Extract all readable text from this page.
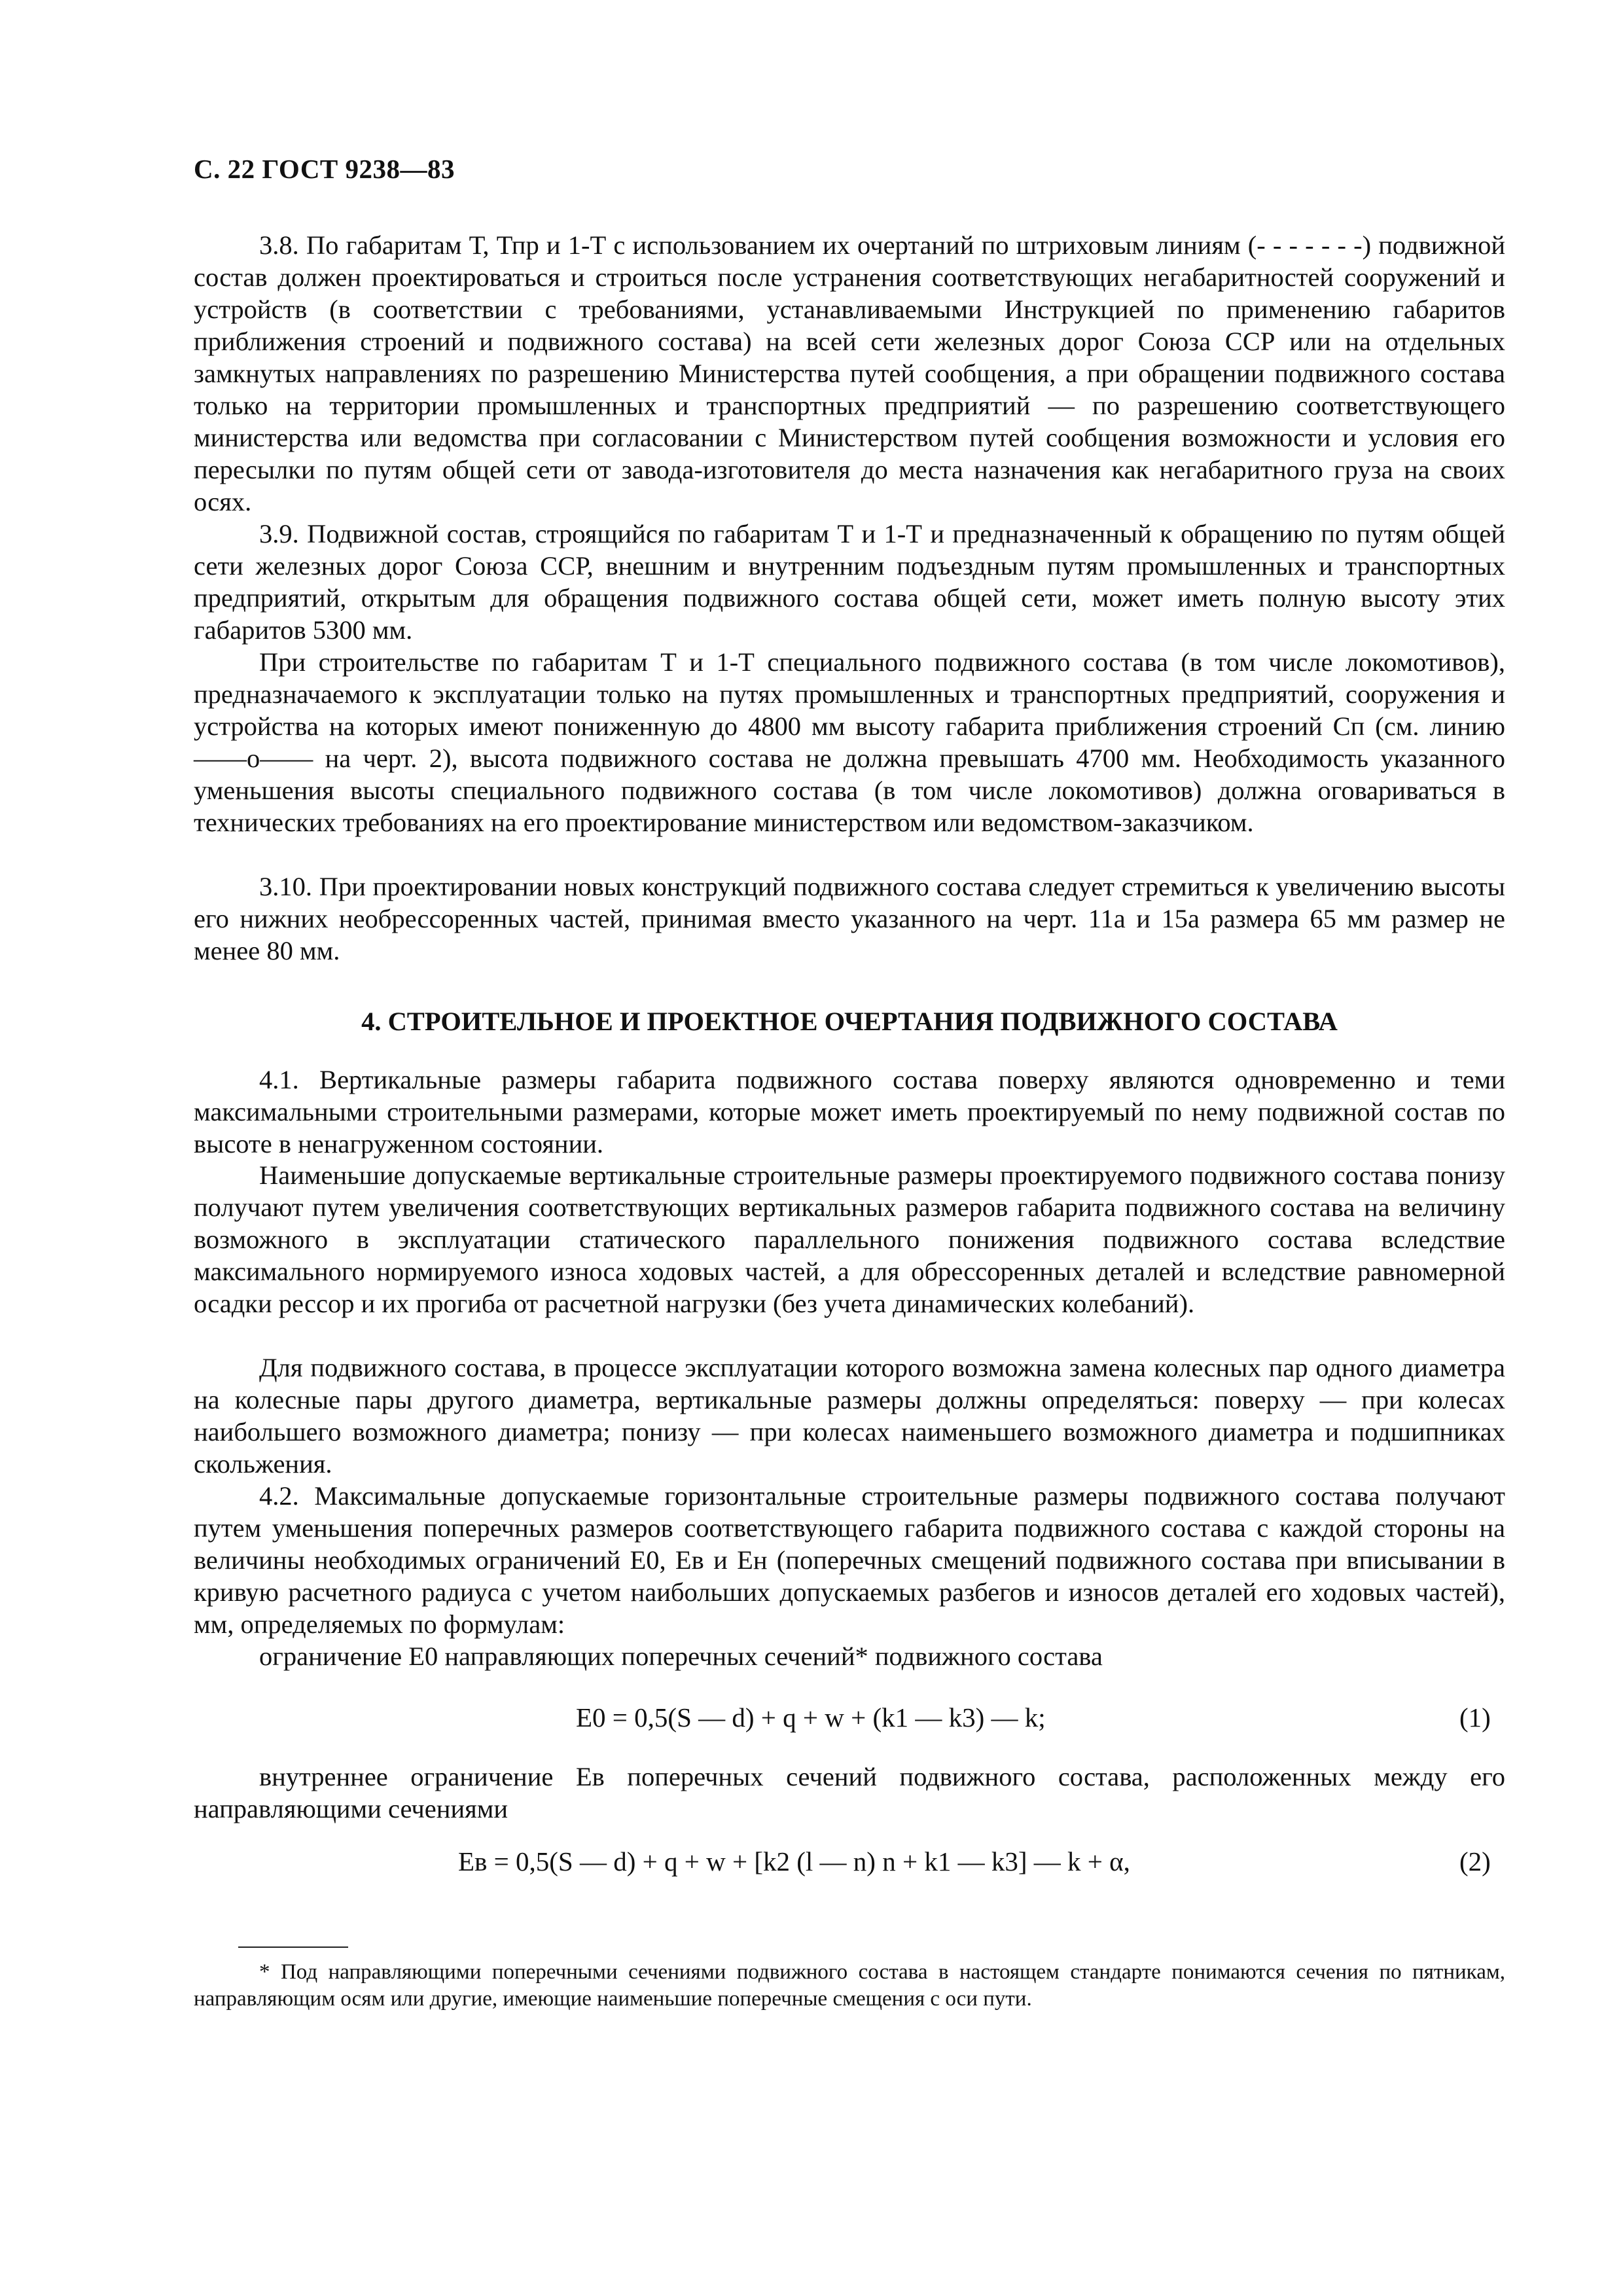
С. 22 ГОСТ 9238—83

3.8. По габаритам Т, Тпр и 1-Т с использованием их очертаний по штриховым линиям (- - - - - - -) подвижной состав должен проектироваться и строиться после устранения соответствующих негабаритностей сооружений и устройств (в соответствии с требованиями, устанавливаемыми Инструкцией по применению габаритов приближения строений и подвижного состава) на всей сети железных дорог Союза ССР или на отдельных замкнутых направлениях по разрешению Министерства путей сообщения, а при обращении подвижного состава только на территории промышленных и транспортных предприятий — по разрешению соответствующего министерства или ведомства при согласовании с Министерством путей сообщения возможности и условия его пересылки по путям общей сети от завода-изготовителя до места назначения как негабаритного груза на своих осях.

3.9. Подвижной состав, строящийся по габаритам Т и 1-Т и предназначенный к обращению по путям общей сети железных дорог Союза ССР, внешним и внутренним подъездным путям промышленных и транспортных предприятий, открытым для обращения подвижного состава общей сети, может иметь полную высоту этих габаритов 5300 мм.

При строительстве по габаритам Т и 1-Т специального подвижного состава (в том числе локомотивов), предназначаемого к эксплуатации только на путях промышленных и транспортных предприятий, сооружения и устройства на которых имеют пониженную до 4800 мм высоту габарита приближения строений Сп (см. линию ——о—— на черт. 2), высота подвижного состава не должна превышать 4700 мм. Необходимость указанного уменьшения высоты специального подвижного состава (в том числе локомотивов) должна оговариваться в технических требованиях на его проектирование министерством или ведомством-заказчиком.

3.10. При проектировании новых конструкций подвижного состава следует стремиться к увеличению высоты его нижних необрессоренных частей, принимая вместо указанного на черт. 11а и 15а размера 65 мм размер не менее 80 мм.

4. СТРОИТЕЛЬНОЕ И ПРОЕКТНОЕ ОЧЕРТАНИЯ ПОДВИЖНОГО СОСТАВА

4.1. Вертикальные размеры габарита подвижного состава поверху являются одновременно и теми максимальными строительными размерами, которые может иметь проектируемый по нему подвижной состав по высоте в ненагруженном состоянии.

Наименьшие допускаемые вертикальные строительные размеры проектируемого подвижного состава понизу получают путем увеличения соответствующих вертикальных размеров габарита подвижного состава на величину возможного в эксплуатации статического параллельного понижения подвижного состава вследствие максимального нормируемого износа ходовых частей, а для обрессоренных деталей и вследствие равномерной осадки рессор и их прогиба от расчетной нагрузки (без учета динамических колебаний).

Для подвижного состава, в процессе эксплуатации которого возможна замена колесных пар одного диаметра на колесные пары другого диаметра, вертикальные размеры должны определяться: поверху — при колесах наибольшего возможного диаметра; понизу — при колесах наименьшего возможного диаметра и подшипниках скольжения.

4.2. Максимальные допускаемые горизонтальные строительные размеры подвижного состава получают путем уменьшения поперечных размеров соответствующего габарита подвижного состава с каждой стороны на величины необходимых ограничений E0, Eв и Eн (поперечных смещений подвижного состава при вписывании в кривую расчетного радиуса с учетом наибольших допускаемых разбегов и износов деталей его ходовых частей), мм, определяемых по формулам:

ограничение E0 направляющих поперечных сечений* подвижного состава

E0 = 0,5(S — d) + q + w + (k1 — k3) — k;	(1)

внутреннее ограничение Eв поперечных сечений подвижного состава, расположенных между его направляющими сечениями

Eв = 0,5(S — d) + q + w + [k2 (l — n) n + k1 — k3] — k + α,	(2)

* Под направляющими поперечными сечениями подвижного состава в настоящем стандарте понимаются сечения по пятникам, направляющим осям или другие, имеющие наименьшие поперечные смещения с оси пути.
